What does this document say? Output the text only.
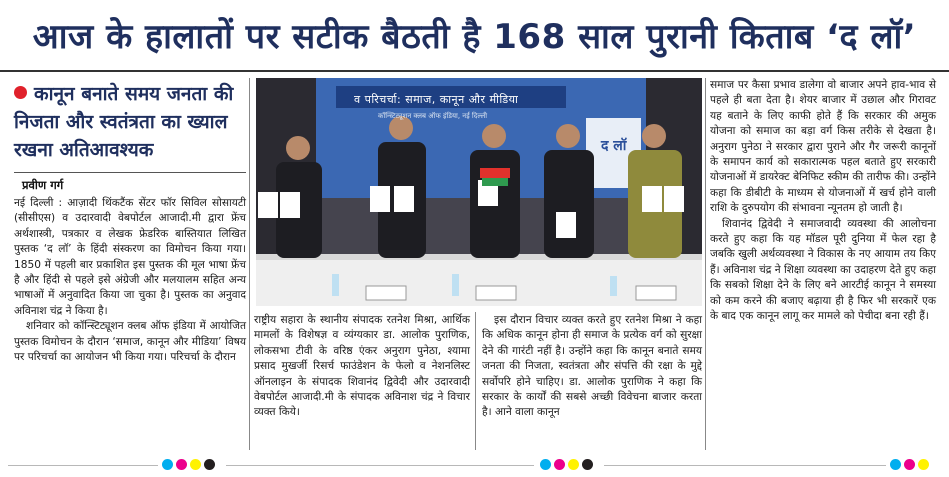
आज के हालातों पर सटीक बैठती है 168 साल पुरानी किताब ‘द लॉ’
कानून बनाते समय जनता की निजता और स्वतंत्रता का ख्याल रखना अतिआवश्यक
प्रवीण गर्ग

नई दिल्ली : आज़ादी थिंकटैंक सेंटर फॉर सिविल सोसायटी (सीसीएस) व उदारवादी वेबपोर्टल आजादी.मी द्वारा फ्रेंच अर्थशास्त्री, पत्रकार व लेखक फ्रेडरिक बास्तियात लिखित पुस्तक ‘द लॉ’ के हिंदी संस्करण का विमोचन किया गया। 1850 में पहली बार प्रकाशित इस पुस्तक की मूल भाषा फ्रेंच है और हिंदी से पहले इसे अंग्रेजी और मलयालम सहित अन्य भाषाओं में अनुवादित किया जा चुका है। पुस्तक का अनुवाद अविनाश चंद्र ने किया है।

शनिवार को कॉन्स्टिट्यूशन क्लब ऑफ इंडिया में आयोजित पुस्तक विमोचन के दौरान ‘समाज, कानून और मीडिया’ विषय पर परिचर्चा का आयोजन भी किया गया। परिचर्चा के दौरान

व परिचर्चा: समाज, कानून और मीडिया
कॉन्स्टिट्यूशन क्लब ऑफ इंडिया, नई दिल्ली
द लॉ

राष्ट्रीय सहारा के स्थानीय संपादक रतनेश मिश्रा, आर्थिक मामलों के विशेषज्ञ व व्यंग्यकार डा. आलोक पुराणिक, लोकसभा टीवी के वरिष्ठ एंकर अनुराग पुनेठा, श्यामा प्रसाद मुखर्जी रिसर्च फाउंडेशन के फेलो व नेशनलिस्ट ऑनलाइन के संपादक शिवानंद द्विवेदी और उदारवादी वेबपोर्टल आजादी.मी के संपादक अविनाश चंद्र ने विचार व्यक्त किये।

इस दौरान विचार व्यक्त करते हुए रतनेश मिश्रा ने कहा कि अधिक कानून होना ही समाज के प्रत्येक वर्ग को सुरक्षा देने की गारंटी नहीं है। उन्होंने कहा कि कानून बनाते समय जनता की निजता, स्वतंत्रता और संपत्ति की रक्षा के मुद्दे सर्वोपरि होने चाहिए। डा. आलोक पुराणिक ने कहा कि सरकार के कार्यों की सबसे अच्छी विवेचना बाजार करता है। आने वाला कानून

समाज पर कैसा प्रभाव डालेगा वो बाजार अपने हाव-भाव से पहले ही बता देता है। शेयर बाजार में उछाल और गिरावट यह बताने के लिए काफी होते हैं कि सरकार की अमुक योजना को समाज का बड़ा वर्ग किस तरीके से देखता है। अनुराग पुनेठा ने सरकार द्वारा पुराने और गैर जरूरी कानूनों के समापन कार्य को सकारात्मक पहल बताते हुए सरकारी योजनाओं में डायरेक्ट बेनिफिट स्कीम की तारीफ की। उन्होंने कहा कि डीबीटी के माध्यम से योजनाओं में खर्च होने वाली राशि के दुरुपयोग की संभावना न्यूनतम हो जाती है।

शिवानंद द्विवेदी ने समाजवादी व्यवस्था की आलोचना करते हुए कहा कि यह मॉडल पूरी दुनिया में फेल रहा है जबकि खुली अर्थव्यवस्था ने विकास के नए आयाम तय किए हैं। अविनाश चंद्र ने शिक्षा व्यवस्था का उदाहरण देते हुए कहा कि सबको शिक्षा देने के लिए बने आरटीई कानून ने समस्या को कम करने की बजाए बढ़ाया ही है फिर भी सरकारें एक के बाद एक कानून लागू कर मामले को पेचीदा बना रही हैं।
